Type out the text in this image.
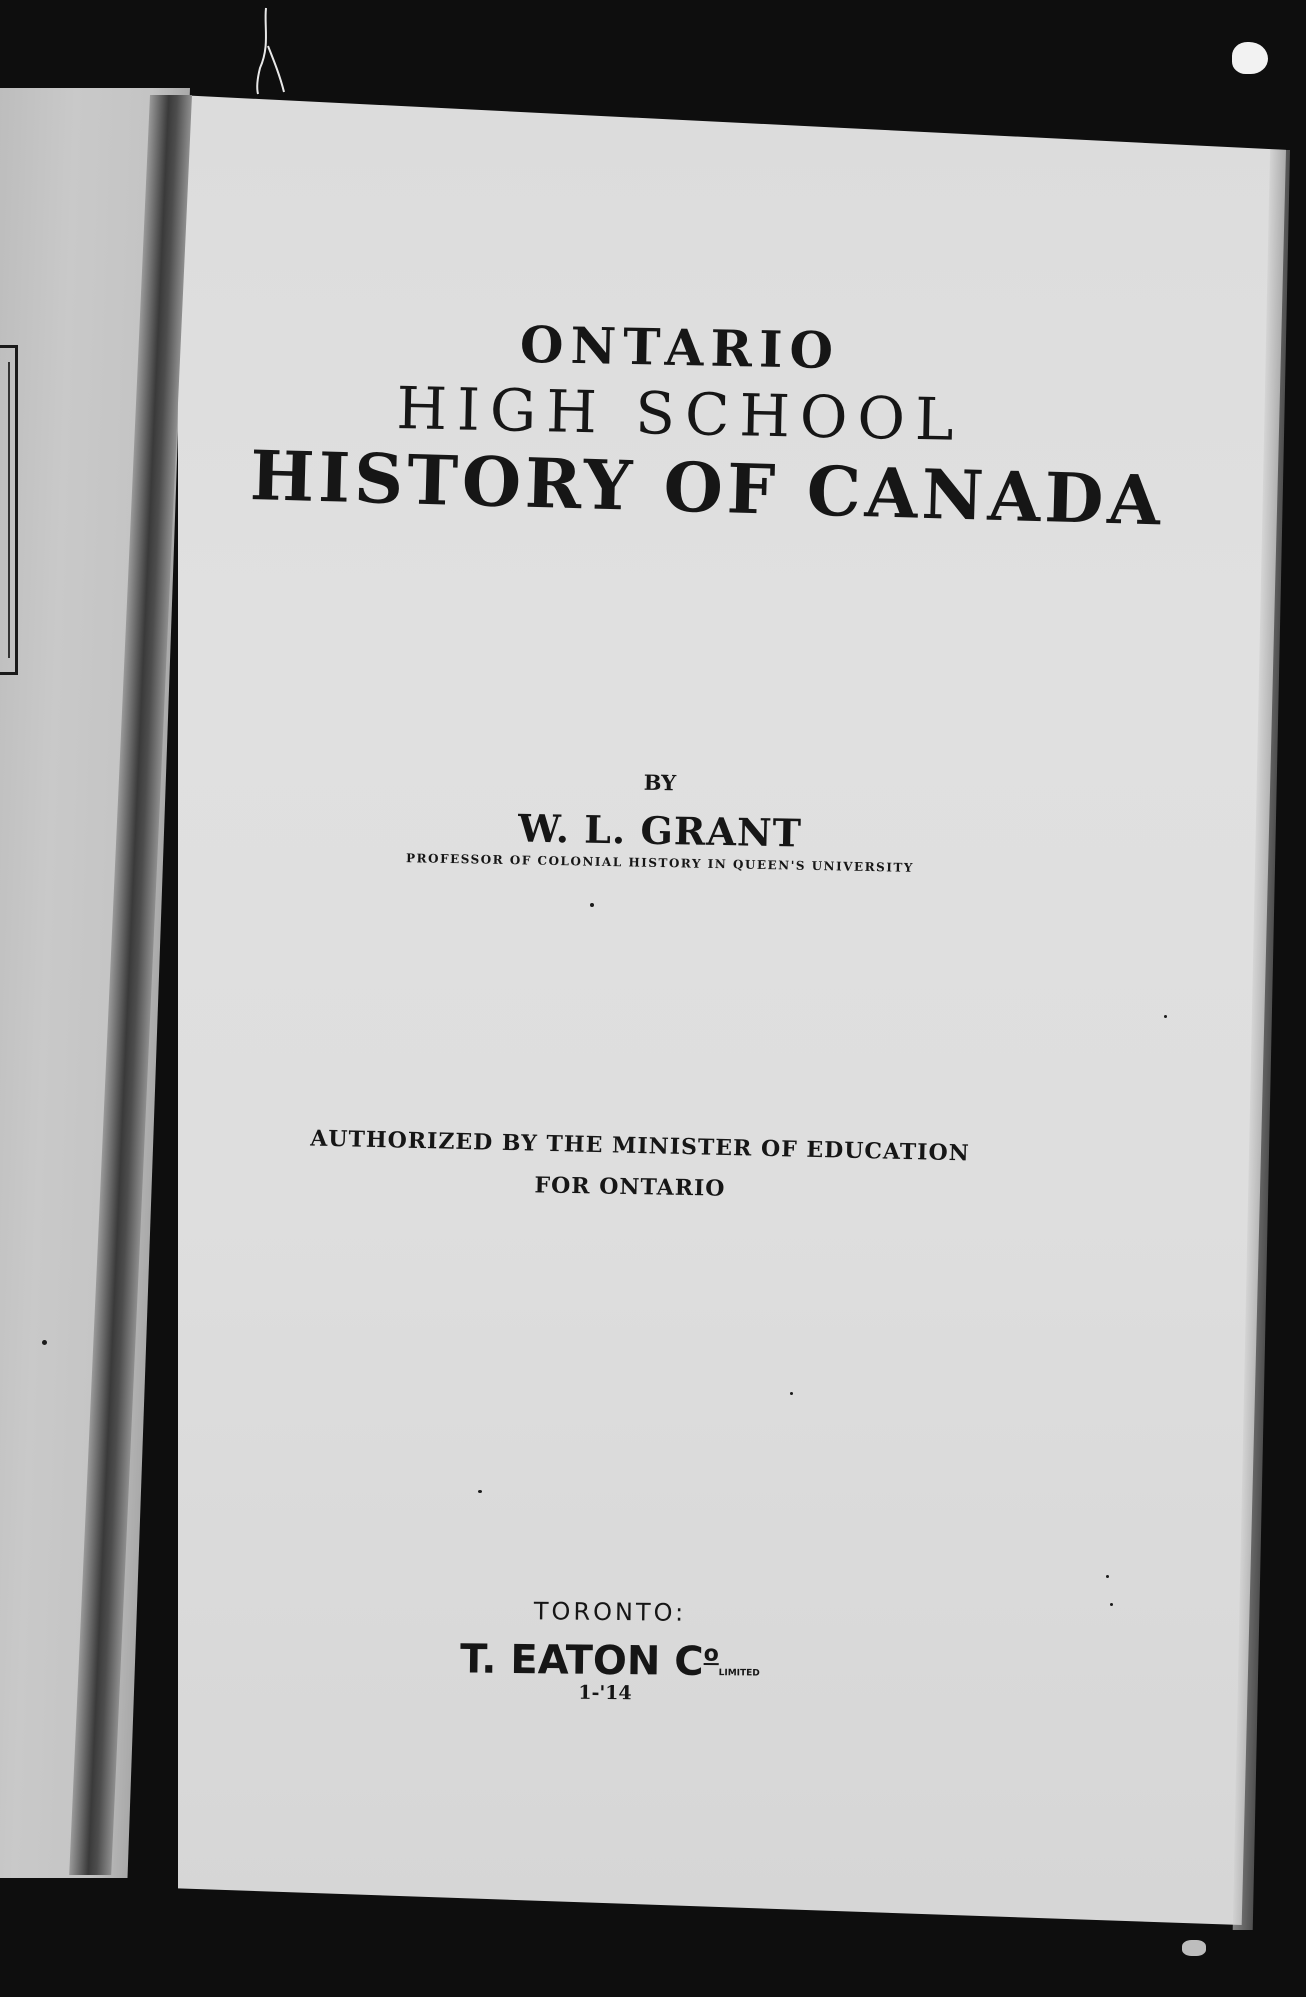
ONTARIO
HIGH SCHOOL
HISTORY OF CANADA
BY
W. L. GRANT
PROFESSOR OF COLONIAL HISTORY IN QUEEN'S UNIVERSITY
AUTHORIZED BY THE MINISTER OF EDUCATION
FOR ONTARIO
TORONTO:
T. EATON $C^oLIMITED$
1-'14
